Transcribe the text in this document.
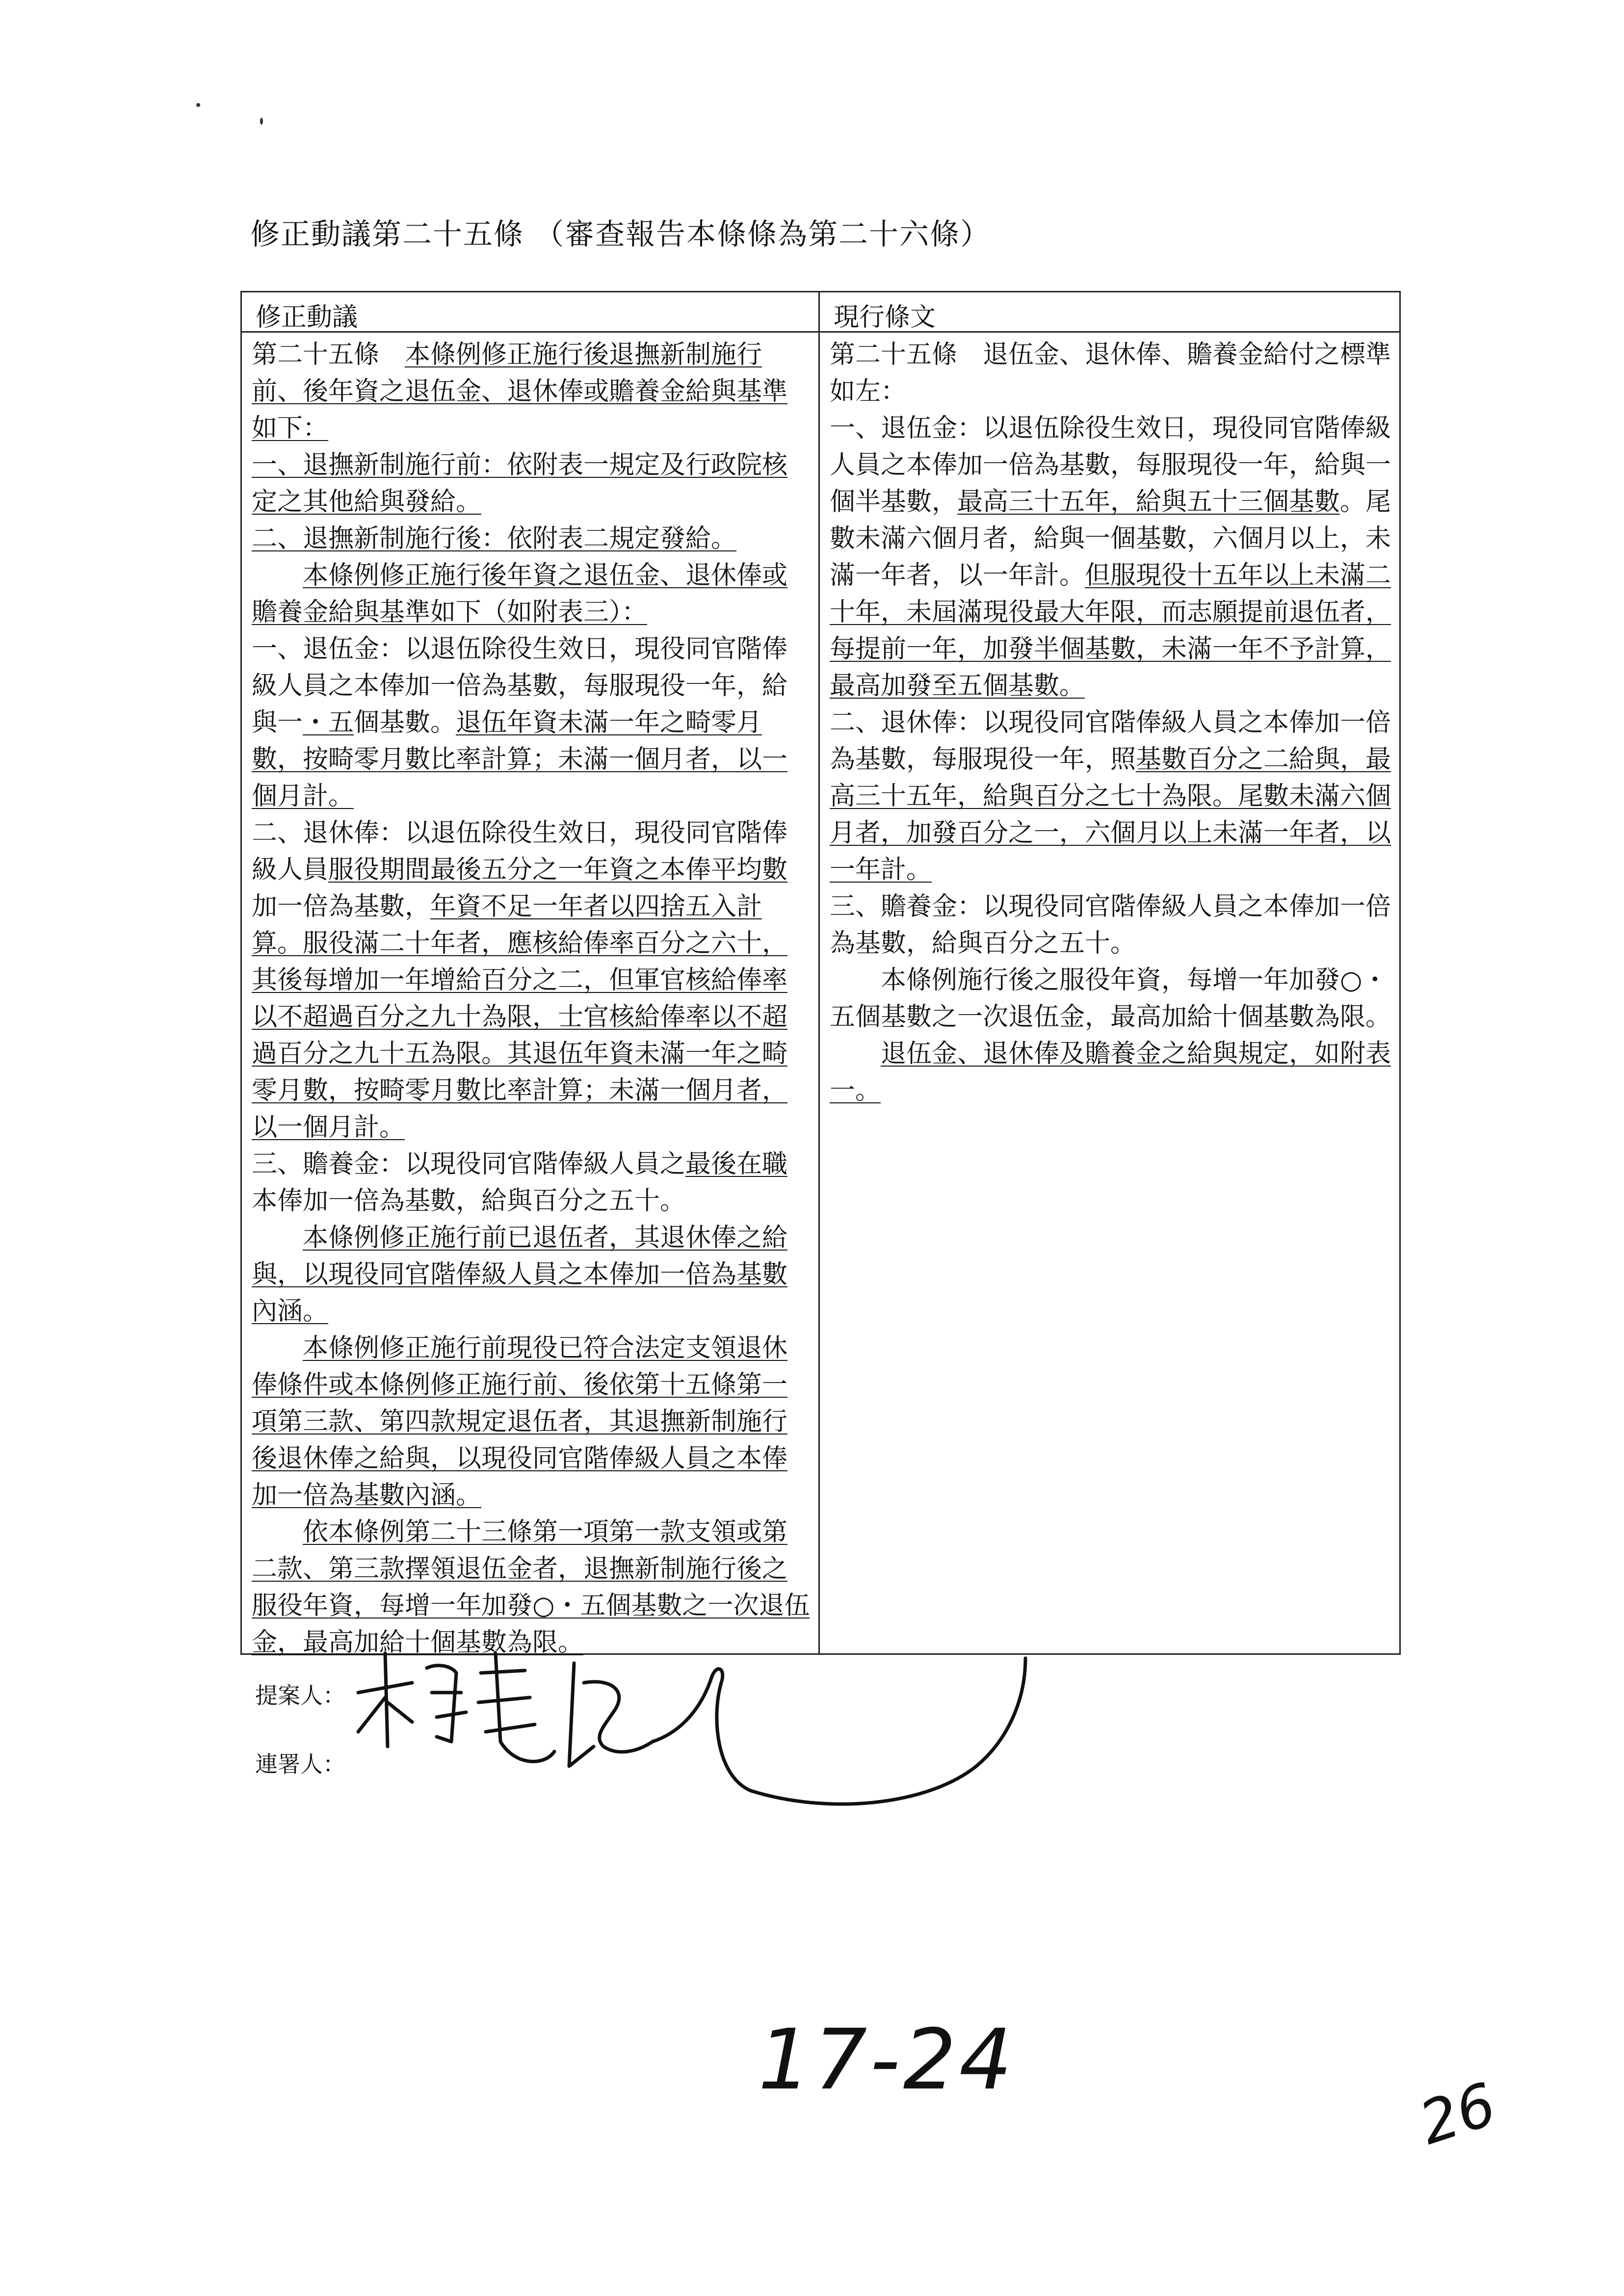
修正動議第二十五條 （審查報告本條條為第二十六條）
修正動議

第二十五條　本條例修正施行後退撫新制施行前、後年資之退伍金、退休俸或贍養金給與基準如下：

一、退撫新制施行前：依附表一規定及行政院核定之其他給與發給。

二、退撫新制施行後：依附表二規定發給。

本條例修正施行後年資之退伍金、退休俸或贍養金給與基準如下（如附表三）：

一、退伍金：以退伍除役生效日，現役同官階俸級人員之本俸加一倍為基數，每服現役一年，給與一・五個基數。退伍年資未滿一年之畸零月數，按畸零月數比率計算；未滿一個月者，以一個月計。

二、退休俸：以退伍除役生效日，現役同官階俸級人員服役期間最後五分之一年資之本俸平均數加一倍為基數，年資不足一年者以四捨五入計算。服役滿二十年者，應核給俸率百分之六十，其後每增加一年增給百分之二，但軍官核給俸率以不超過百分之九十為限，士官核給俸率以不超過百分之九十五為限。其退伍年資未滿一年之畸零月數，按畸零月數比率計算；未滿一個月者，以一個月計。

三、贍養金：以現役同官階俸級人員之最後在職本俸加一倍為基數，給與百分之五十。

本條例修正施行前已退伍者，其退休俸之給與，以現役同官階俸級人員之本俸加一倍為基數內涵。

本條例修正施行前現役已符合法定支領退休俸條件或本條例修正施行前、後依第十五條第一項第三款、第四款規定退伍者，其退撫新制施行後退休俸之給與，以現役同官階俸級人員之本俸加一倍為基數內涵。

依本條例第二十三條第一項第一款支領或第二款、第三款擇領退伍金者，退撫新制施行後之服役年資，每增一年加發○・五個基數之一次退伍金，最高加給十個基數為限。

現行條文

第二十五條　退伍金、退休俸、贍養金給付之標準如左：

一、退伍金：以退伍除役生效日，現役同官階俸級人員之本俸加一倍為基數，每服現役一年，給與一個半基數，最高三十五年，給與五十三個基數。尾數未滿六個月者，給與一個基數，六個月以上，未滿一年者，以一年計。但服現役十五年以上未滿二十年，未屆滿現役最大年限，而志願提前退伍者，每提前一年，加發半個基數，未滿一年不予計算，最高加發至五個基數。

二、退休俸：以現役同官階俸級人員之本俸加一倍為基數，每服現役一年，照基數百分之二給與，最高三十五年，給與百分之七十為限。尾數未滿六個月者，加發百分之一，六個月以上未滿一年者，以一年計。

三、贍養金：以現役同官階俸級人員之本俸加一倍為基數，給與百分之五十。

本條例施行後之服役年資，每增一年加發○・五個基數之一次退伍金，最高加給十個基數為限。

退伍金、退休俸及贍養金之給與規定，如附表一。

提案人：
連署人：
17-24
26
